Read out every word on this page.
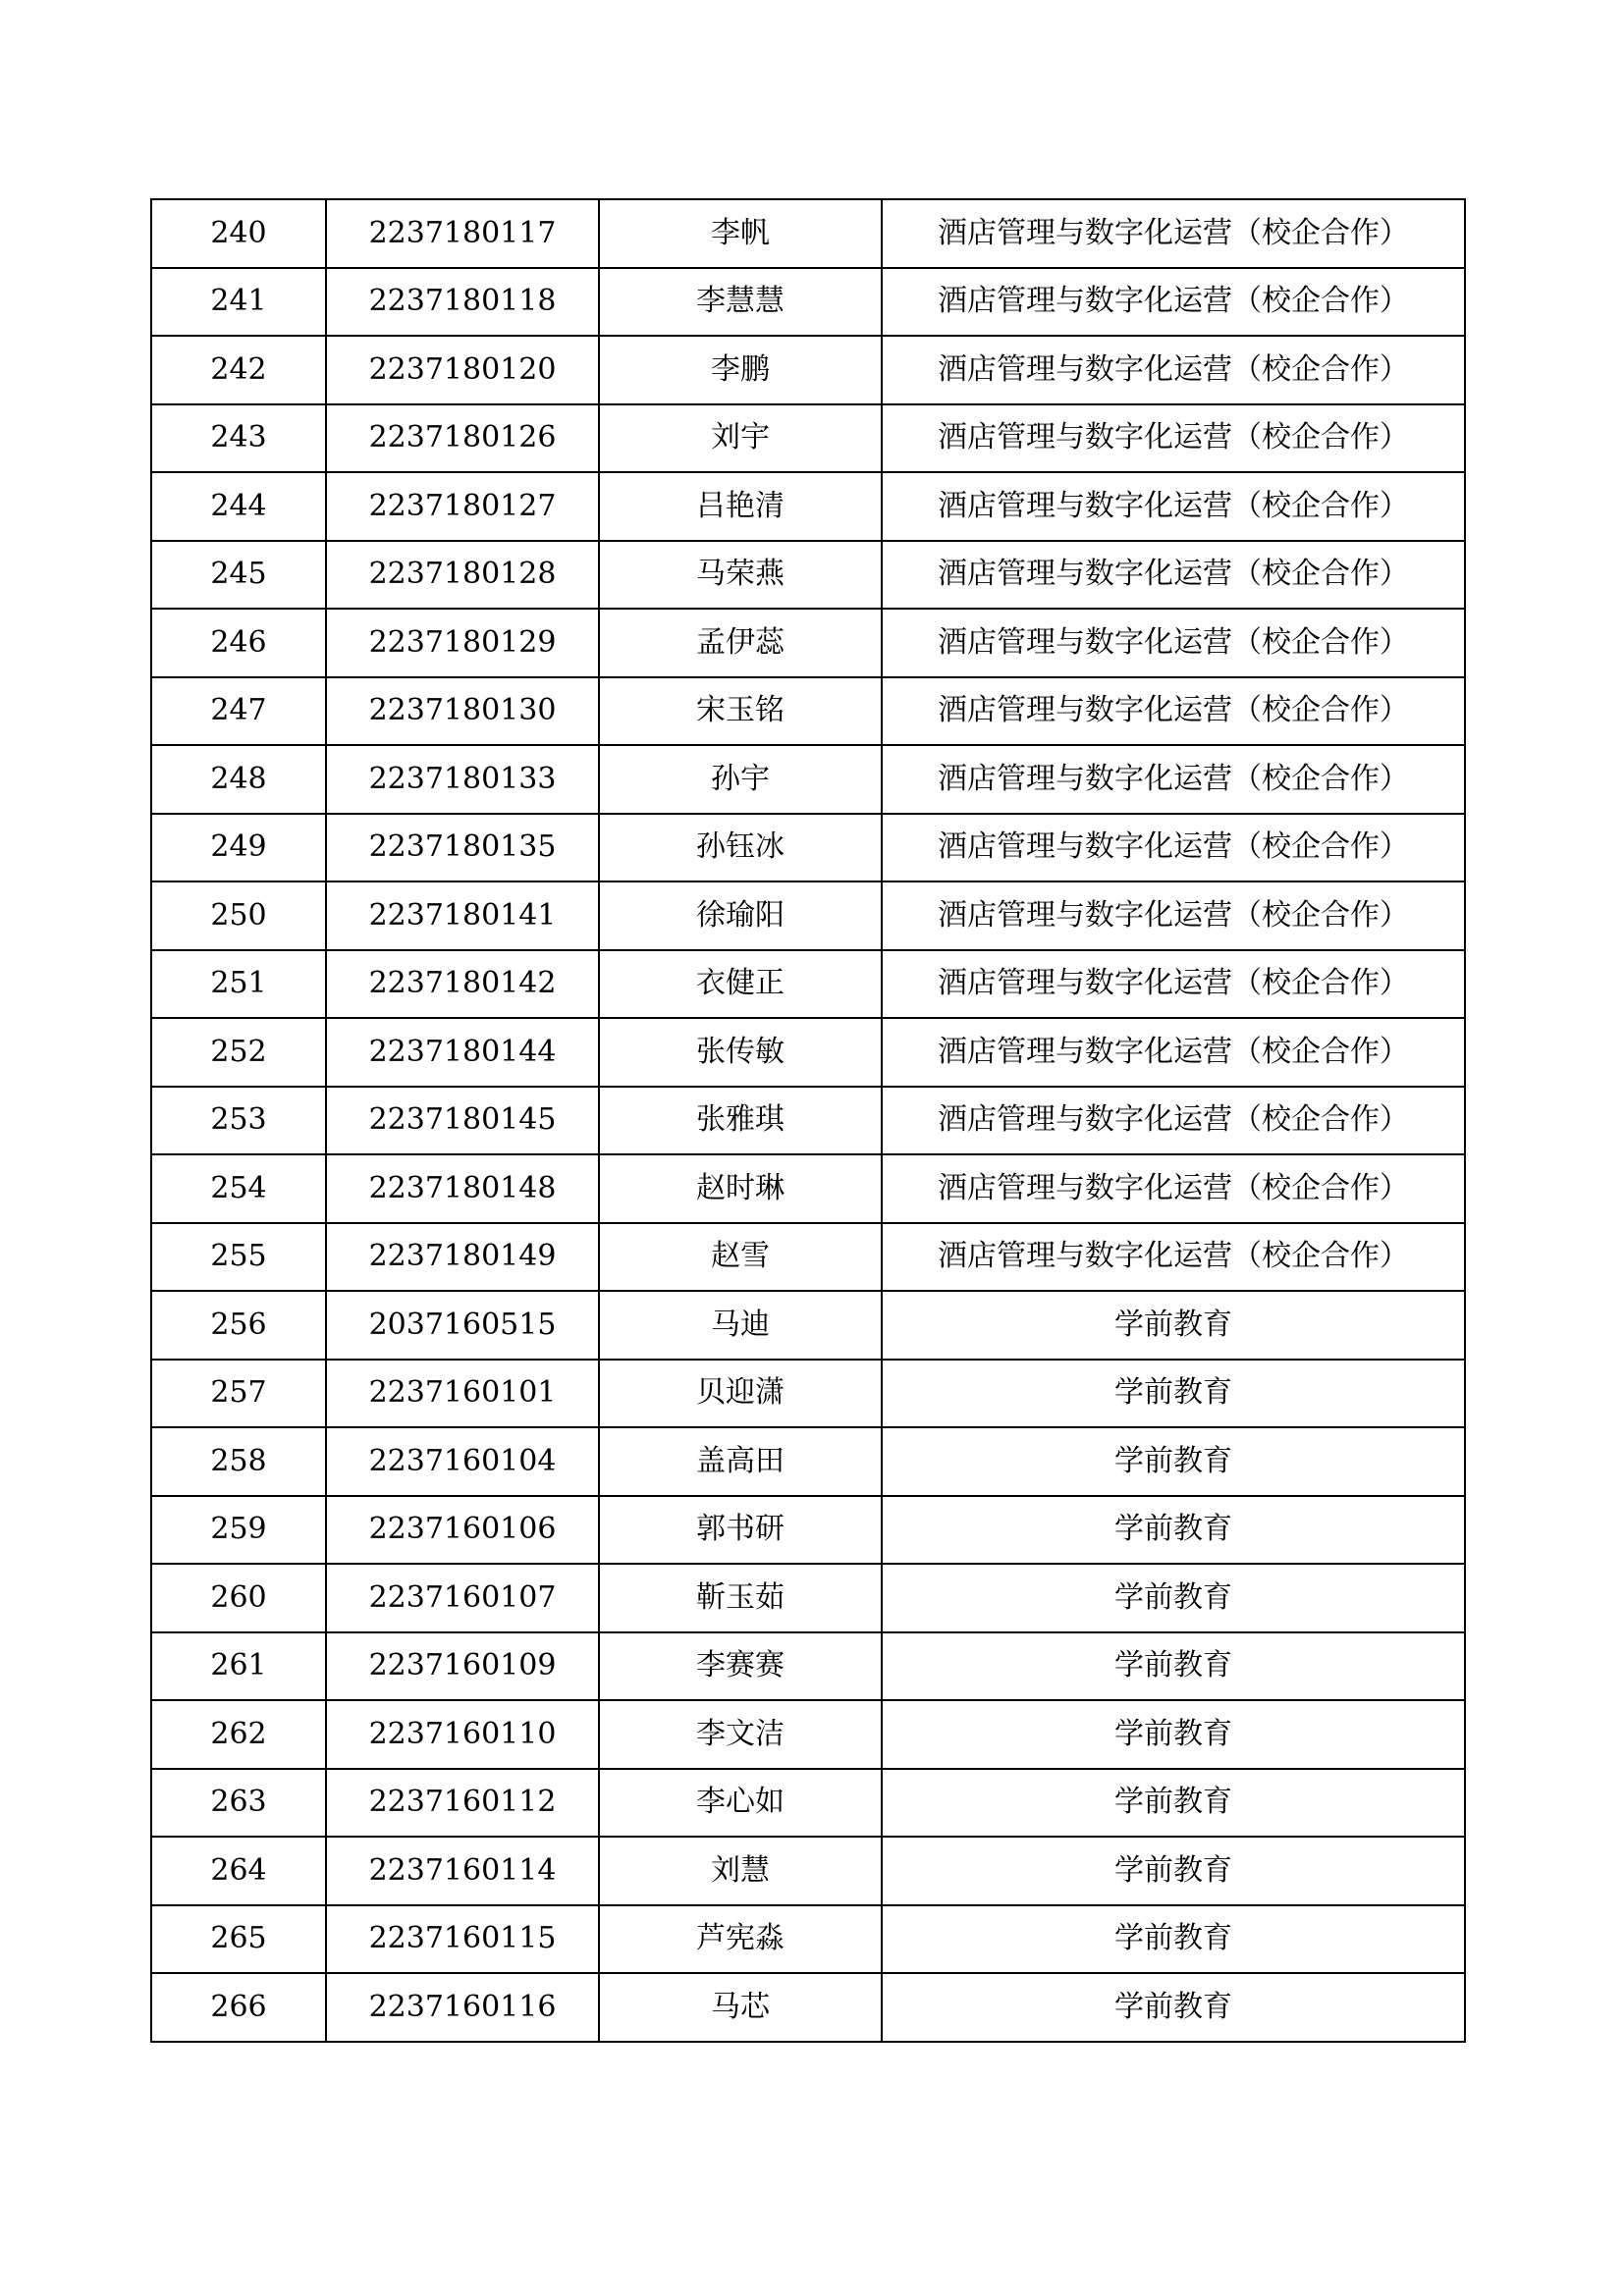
240	2237180117	李帆	酒店管理与数字化运营（校企合作）
241	2237180118	李慧慧	酒店管理与数字化运营（校企合作）
242	2237180120	李鹏	酒店管理与数字化运营（校企合作）
243	2237180126	刘宇	酒店管理与数字化运营（校企合作）
244	2237180127	吕艳清	酒店管理与数字化运营（校企合作）
245	2237180128	马荣燕	酒店管理与数字化运营（校企合作）
246	2237180129	孟伊蕊	酒店管理与数字化运营（校企合作）
247	2237180130	宋玉铭	酒店管理与数字化运营（校企合作）
248	2237180133	孙宇	酒店管理与数字化运营（校企合作）
249	2237180135	孙钰冰	酒店管理与数字化运营（校企合作）
250	2237180141	徐瑜阳	酒店管理与数字化运营（校企合作）
251	2237180142	衣健正	酒店管理与数字化运营（校企合作）
252	2237180144	张传敏	酒店管理与数字化运营（校企合作）
253	2237180145	张雅琪	酒店管理与数字化运营（校企合作）
254	2237180148	赵时琳	酒店管理与数字化运营（校企合作）
255	2237180149	赵雪	酒店管理与数字化运营（校企合作）
256	2037160515	马迪	学前教育
257	2237160101	贝迎潇	学前教育
258	2237160104	盖高田	学前教育
259	2237160106	郭书研	学前教育
260	2237160107	靳玉茹	学前教育
261	2237160109	李赛赛	学前教育
262	2237160110	李文洁	学前教育
263	2237160112	李心如	学前教育
264	2237160114	刘慧	学前教育
265	2237160115	芦宪淼	学前教育
266	2237160116	马芯	学前教育
